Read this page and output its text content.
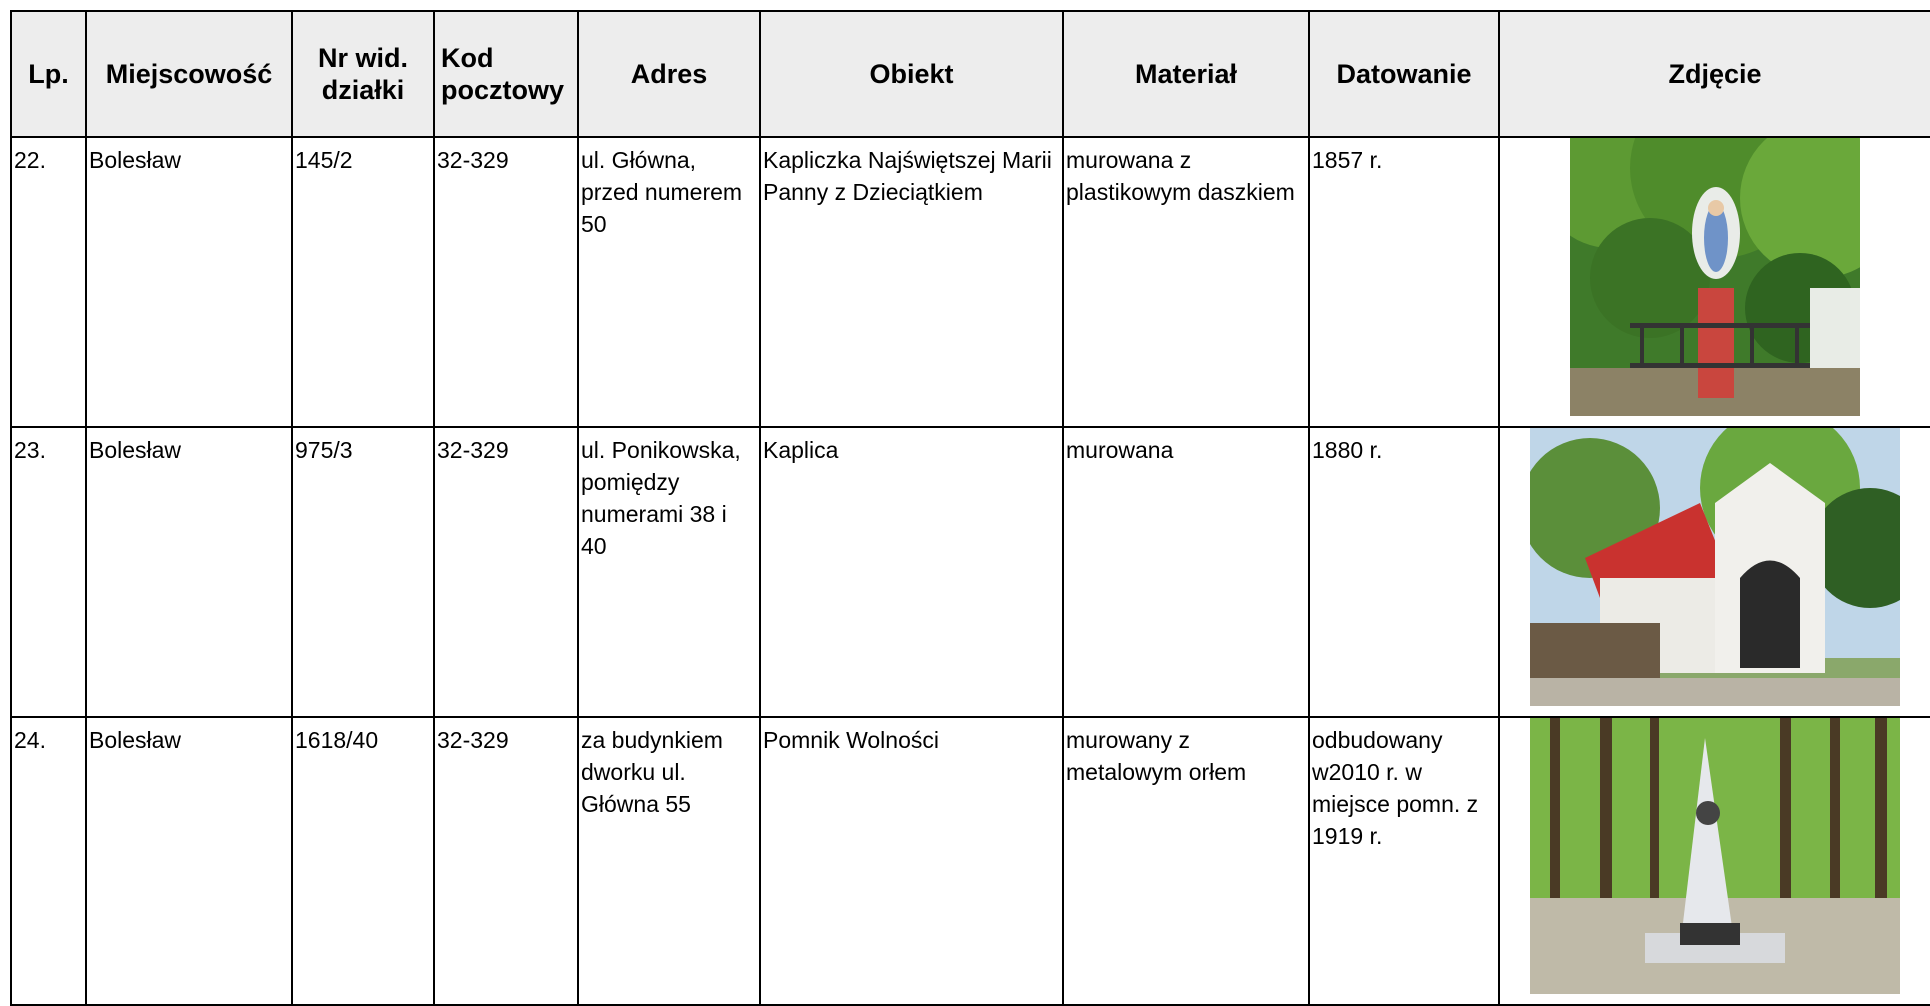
Lp.	Miejscowość	Nr wid. działki	Kod pocztowy	Adres	Obiekt	Materiał	Datowanie	Zdjęcie
22.	Bolesław	145/2	32-329	ul. Główna, przed numerem 50	Kapliczka Najświętszej Marii Panny z Dzieciątkiem	murowana z plastikowym daszkiem	1857 r.	

23.	Bolesław	975/3	32-329	ul. Ponikowska, pomiędzy numerami 38 i 40	Kaplica	murowana	1880 r.	

24.	Bolesław	1618/40	32-329	za budynkiem dworku ul. Główna 55	Pomnik Wolności	murowany z metalowym orłem	odbudowany w2010 r. w miejsce pomn. z 1919 r.	
